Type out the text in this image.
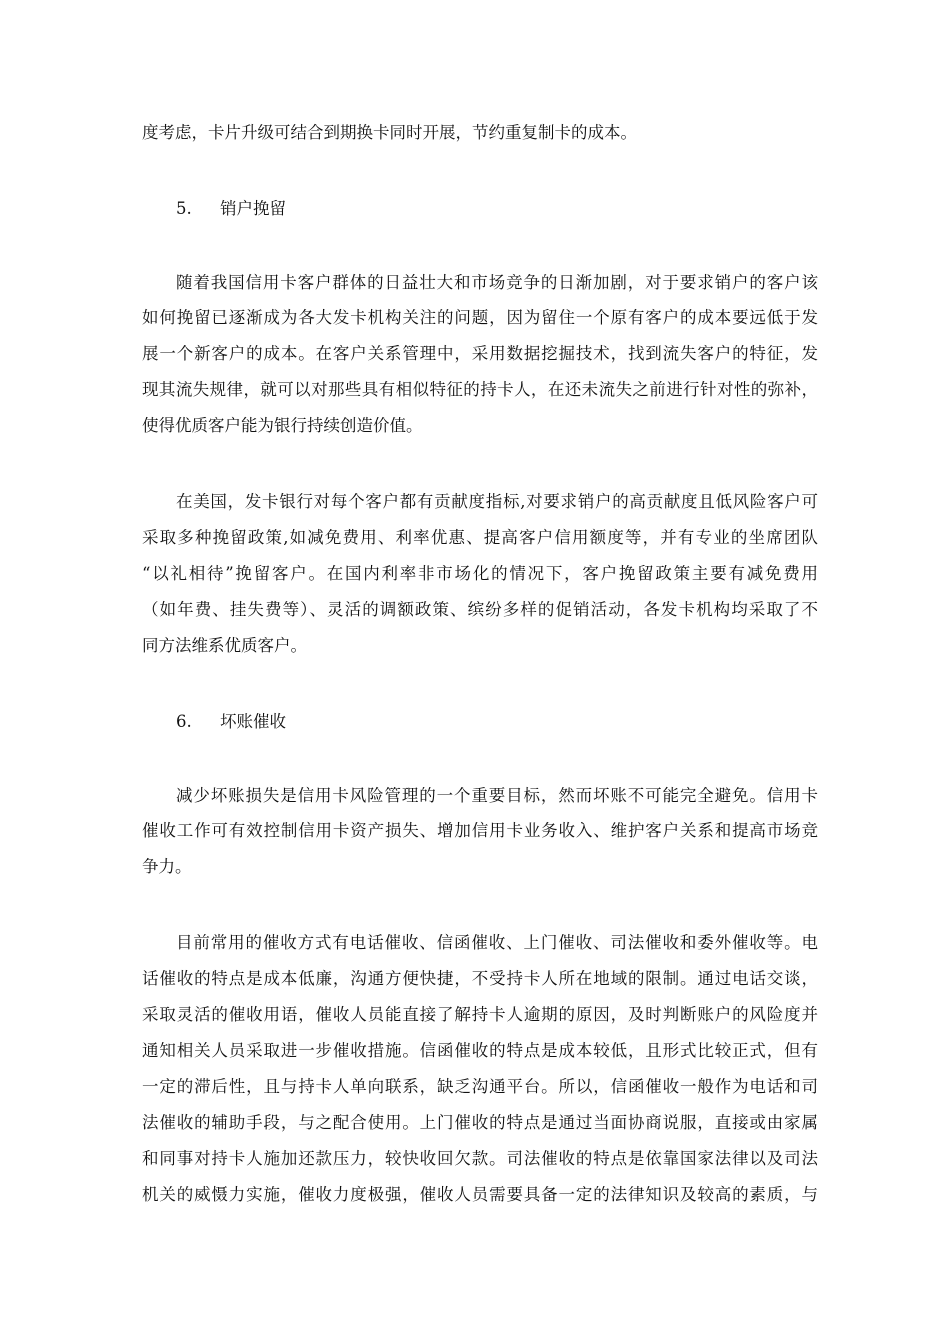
度考虑，卡片升级可结合到期换卡同时开展，节约重复制卡的成本。
5. 销户挽留
随着我国信用卡客户群体的日益壮大和市场竞争的日渐加剧，对于要求销户的客户该
如何挽留已逐渐成为各大发卡机构关注的问题，因为留住一个原有客户的成本要远低于发
展一个新客户的成本。在客户关系管理中，采用数据挖掘技术，找到流失客户的特征，发
现其流失规律，就可以对那些具有相似特征的持卡人，在还未流失之前进行针对性的弥补，
使得优质客户能为银行持续创造价值。
在美国，发卡银行对每个客户都有贡献度指标,对要求销户的高贡献度且低风险客户可
采取多种挽留政策,如减免费用、利率优惠、提高客户信用额度等，并有专业的坐席团队
“以礼相待”挽留客户。在国内利率非市场化的情况下，客户挽留政策主要有减免费用
（如年费、挂失费等）、灵活的调额政策、缤纷多样的促销活动，各发卡机构均采取了不
同方法维系优质客户。
6. 坏账催收
减少坏账损失是信用卡风险管理的一个重要目标，然而坏账不可能完全避免。信用卡
催收工作可有效控制信用卡资产损失、增加信用卡业务收入、维护客户关系和提高市场竞
争力。
目前常用的催收方式有电话催收、信函催收、上门催收、司法催收和委外催收等。电
话催收的特点是成本低廉，沟通方便快捷，不受持卡人所在地域的限制。通过电话交谈，
采取灵活的催收用语，催收人员能直接了解持卡人逾期的原因，及时判断账户的风险度并
通知相关人员采取进一步催收措施。信函催收的特点是成本较低，且形式比较正式，但有
一定的滞后性，且与持卡人单向联系，缺乏沟通平台。所以，信函催收一般作为电话和司
法催收的辅助手段，与之配合使用。上门催收的特点是通过当面协商说服，直接或由家属
和同事对持卡人施加还款压力，较快收回欠款。司法催收的特点是依靠国家法律以及司法
机关的威慑力实施，催收力度极强，催收人员需要具备一定的法律知识及较高的素质，与
